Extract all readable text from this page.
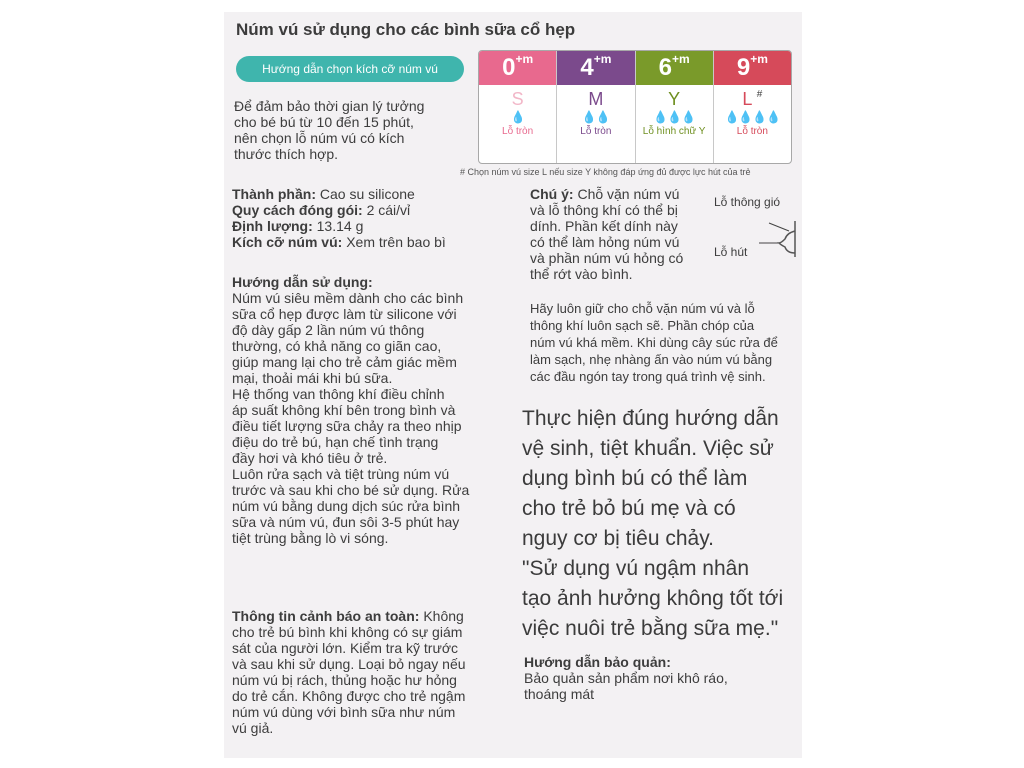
Núm vú sử dụng cho các bình sữa cổ hẹp
Hướng dẫn chọn kích cỡ núm vú	$0^{+m}$
S
💧
Lỗ tròn
$4^{+m}$
M
💧💧
Lỗ tròn
$6^{+m}$
Y
💧💧💧
Lỗ hình chữ Y
$9^{+m}$
L #
💧💧💧💧
Lỗ tròn
# Chọn núm vú size L nếu size Y không đáp ứng đủ được lực hút của trẻ
Để đảm bảo thời gian lý tưởng
cho bé bú từ 10 đến 15 phút,
nên chọn lỗ núm vú có kích
thước thích hợp.
Thành phần: Cao su silicone
Quy cách đóng gói: 2 cái/vỉ
Định lượng: 13.14 g
Kích cỡ núm vú: Xem trên bao bì
Hướng dẫn sử dụng:
Núm vú siêu mềm dành cho các bình
sữa cổ hẹp được làm từ silicone với
độ dày gấp 2 lần núm vú thông
thường, có khả năng co giãn cao,
giúp mang lại cho trẻ cảm giác mềm
mại, thoải mái khi bú sữa.
Hệ thống van thông khí điều chỉnh
áp suất không khí bên trong bình và
điều tiết lượng sữa chảy ra theo nhịp
điệu do trẻ bú, hạn chế tình trạng
đầy hơi và khó tiêu ở trẻ.
Luôn rửa sạch và tiệt trùng núm vú
trước và sau khi cho bé sử dụng. Rửa
núm vú bằng dung dịch súc rửa bình
sữa và núm vú, đun sôi 3-5 phút hay
tiệt trùng bằng lò vi sóng.
Thông tin cảnh báo an toàn: Không
cho trẻ bú bình khi không có sự giám
sát của người lớn. Kiểm tra kỹ trước
và sau khi sử dụng. Loại bỏ ngay nếu
núm vú bị rách, thủng hoặc hư hỏng
do trẻ cắn. Không được cho trẻ ngậm
núm vú dùng với bình sữa như núm
vú giả.
Chú ý: Chỗ vặn núm vú
và lỗ thông khí có thể bị
dính. Phần kết dính này
có thể làm hỏng núm vú
và phần núm vú hỏng có
thể rớt vào bình.
Lỗ thông gió
Lỗ hút
Hãy luôn giữ cho chỗ vặn núm vú và lỗ
thông khí luôn sạch sẽ. Phần chóp của
núm vú khá mềm. Khi dùng cây súc rửa để
làm sạch, nhẹ nhàng ấn vào núm vú bằng
các đầu ngón tay trong quá trình vệ sinh.
Thực hiện đúng hướng dẫn
vệ sinh, tiệt khuẩn. Việc sử
dụng bình bú có thể làm
cho trẻ bỏ bú mẹ và có
nguy cơ bị tiêu chảy.
"Sử dụng vú ngậm nhân
tạo ảnh hưởng không tốt tới
việc nuôi trẻ bằng sữa mẹ."
Hướng dẫn bảo quản:
Bảo quản sản phẩm nơi khô ráo,
thoáng mát
